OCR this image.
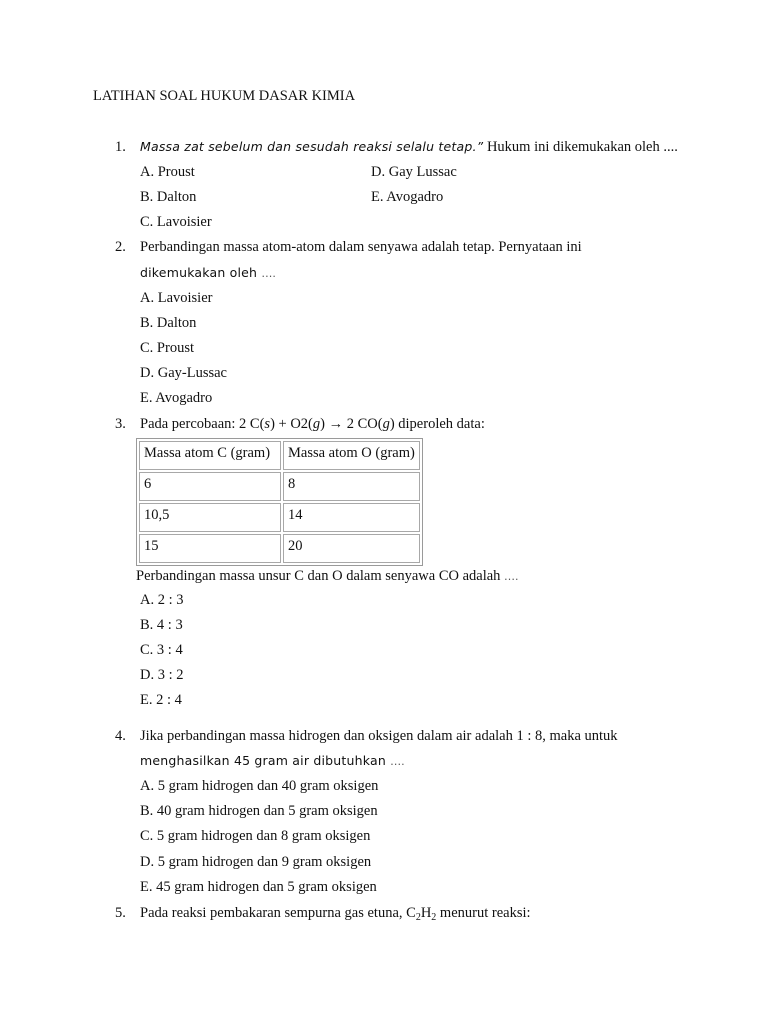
LATIHAN SOAL HUKUM DASAR KIMIA
1. Massa zat sebelum dan sesudah reaksi selalu tetap.” Hukum ini dikemukakan oleh ....
A. Proust
B. Dalton
C. Lavoisier
D. Gay Lussac
E. Avogadro
2. Perbandingan massa atom-atom dalam senyawa adalah tetap. Pernyataan ini
dikemukakan oleh ….
A. Lavoisier
B. Dalton
C. Proust
D. Gay-Lussac
E. Avogadro
3. Pada percobaan: 2 C(s) + O2(g) → 2 CO(g) diperoleh data:
Massa atom C (gram)	Massa atom O (gram)
6	8
10,5	14
15	20
Perbandingan massa unsur C dan O dalam senyawa CO adalah ….
A. 2 : 3
B. 4 : 3
C. 3 : 4
D. 3 : 2
E. 2 : 4
4. Jika perbandingan massa hidrogen dan oksigen dalam air adalah 1 : 8, maka untuk
menghasilkan 45 gram air dibutuhkan ….
A. 5 gram hidrogen dan 40 gram oksigen
B. 40 gram hidrogen dan 5 gram oksigen
C. 5 gram hidrogen dan 8 gram oksigen
D. 5 gram hidrogen dan 9 gram oksigen
E. 45 gram hidrogen dan 5 gram oksigen
5. Pada reaksi pembakaran sempurna gas etuna, $C_2H_2$ menurut reaksi:
